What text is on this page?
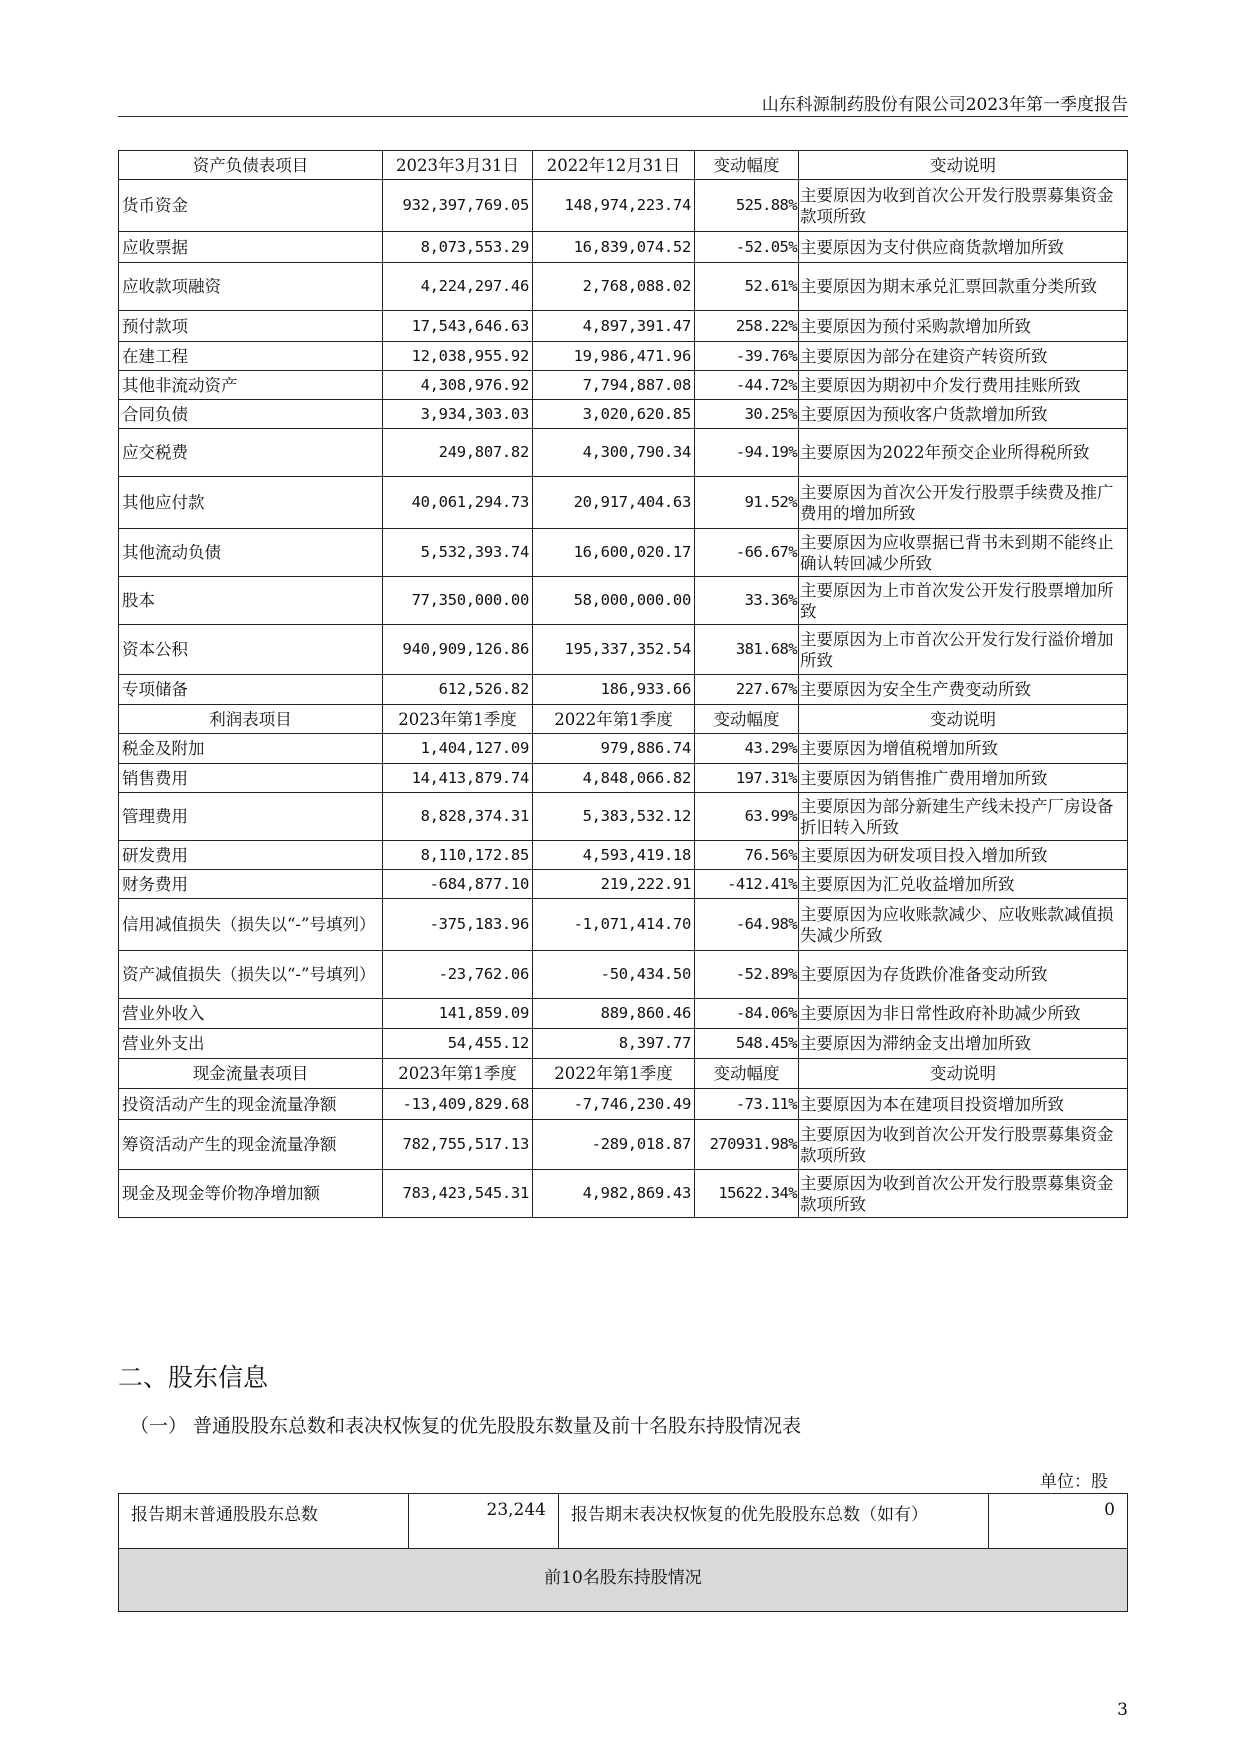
山东科源制药股份有限公司2023年第一季度报告
资产负债表项目	2023年3月31日	2022年12月31日	变动幅度	变动说明
货币资金	932,397,769.05	148,974,223.74	525.88%	主要原因为收到首次公开发行股票募集资金款项所致
应收票据	8,073,553.29	16,839,074.52	-52.05%	主要原因为支付供应商货款增加所致
应收款项融资	4,224,297.46	2,768,088.02	52.61%	主要原因为期末承兑汇票回款重分类所致
预付款项	17,543,646.63	4,897,391.47	258.22%	主要原因为预付采购款增加所致
在建工程	12,038,955.92	19,986,471.96	-39.76%	主要原因为部分在建资产转资所致
其他非流动资产	4,308,976.92	7,794,887.08	-44.72%	主要原因为期初中介发行费用挂账所致
合同负债	3,934,303.03	3,020,620.85	30.25%	主要原因为预收客户货款增加所致
应交税费	249,807.82	4,300,790.34	-94.19%	主要原因为2022年预交企业所得税所致
其他应付款	40,061,294.73	20,917,404.63	91.52%	主要原因为首次公开发行股票手续费及推广费用的增加所致
其他流动负债	5,532,393.74	16,600,020.17	-66.67%	主要原因为应收票据已背书未到期不能终止确认转回减少所致
股本	77,350,000.00	58,000,000.00	33.36%	主要原因为上市首次发公开发行股票增加所致
资本公积	940,909,126.86	195,337,352.54	381.68%	主要原因为上市首次公开发行发行溢价增加所致
专项储备	612,526.82	186,933.66	227.67%	主要原因为安全生产费变动所致
利润表项目	2023年第1季度	2022年第1季度	变动幅度	变动说明
税金及附加	1,404,127.09	979,886.74	43.29%	主要原因为增值税增加所致
销售费用	14,413,879.74	4,848,066.82	197.31%	主要原因为销售推广费用增加所致
管理费用	8,828,374.31	5,383,532.12	63.99%	主要原因为部分新建生产线未投产厂房设备折旧转入所致
研发费用	8,110,172.85	4,593,419.18	76.56%	主要原因为研发项目投入增加所致
财务费用	-684,877.10	219,222.91	-412.41%	主要原因为汇兑收益增加所致
信用减值损失（损失以“-”号填列）	-375,183.96	-1,071,414.70	-64.98%	主要原因为应收账款减少、应收账款减值损失减少所致
资产减值损失（损失以“-”号填列）	-23,762.06	-50,434.50	-52.89%	主要原因为存货跌价准备变动所致
营业外收入	141,859.09	889,860.46	-84.06%	主要原因为非日常性政府补助减少所致
营业外支出	54,455.12	8,397.77	548.45%	主要原因为滞纳金支出增加所致
现金流量表项目	2023年第1季度	2022年第1季度	变动幅度	变动说明
投资活动产生的现金流量净额	-13,409,829.68	-7,746,230.49	-73.11%	主要原因为本在建项目投资增加所致
筹资活动产生的现金流量净额	782,755,517.13	-289,018.87	270931.98%	主要原因为收到首次公开发行股票募集资金款项所致
现金及现金等价物净增加额	783,423,545.31	4,982,869.43	15622.34%	主要原因为收到首次公开发行股票募集资金款项所致
二、股东信息
（一） 普通股股东总数和表决权恢复的优先股股东数量及前十名股东持股情况表
单位：股
报告期末普通股股东总数	23,244	报告期末表决权恢复的优先股股东总数（如有）	0
前10名股东持股情况
3
